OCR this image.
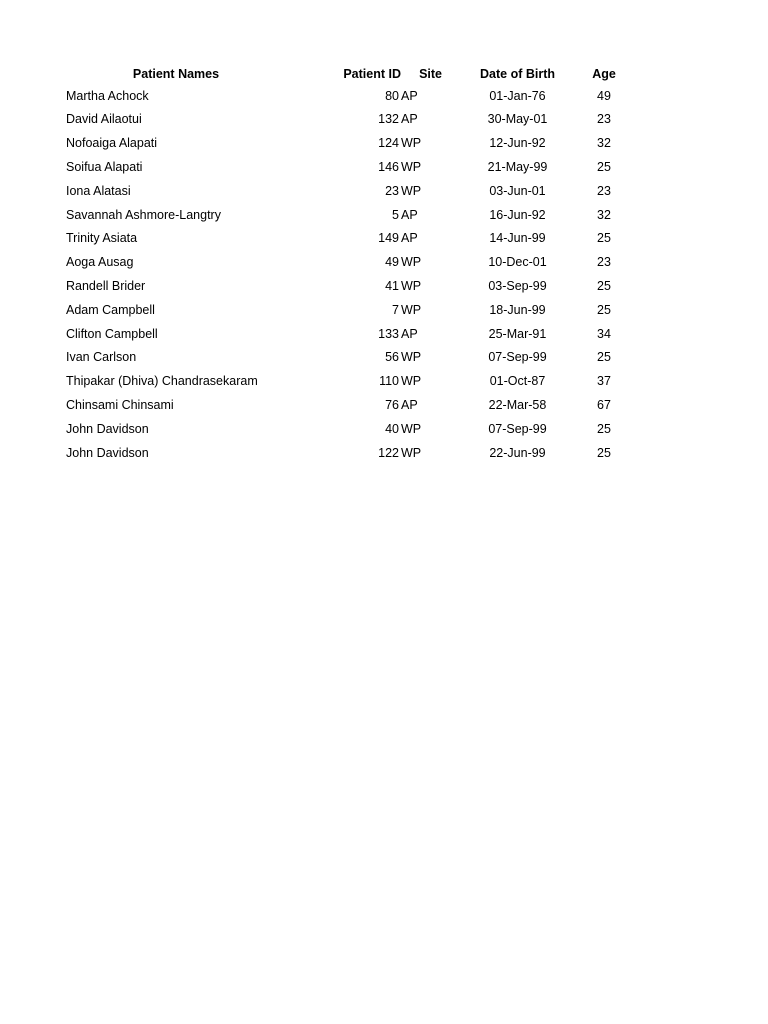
Patient Names	Patient ID	Site	Date of Birth	Age
Martha Achock	80	AP	01-Jan-76	49
David Ailaotui	132	AP	30-May-01	23
Nofoaiga Alapati	124	WP	12-Jun-92	32
Soifua Alapati	146	WP	21-May-99	25
Iona Alatasi	23	WP	03-Jun-01	23
Savannah Ashmore-Langtry	5	AP	16-Jun-92	32
Trinity Asiata	149	AP	14-Jun-99	25
Aoga Ausag	49	WP	10-Dec-01	23
Randell Brider	41	WP	03-Sep-99	25
Adam Campbell	7	WP	18-Jun-99	25
Clifton Campbell	133	AP	25-Mar-91	34
Ivan Carlson	56	WP	07-Sep-99	25
Thipakar (Dhiva) Chandrasekaram	110	WP	01-Oct-87	37
Chinsami Chinsami	76	AP	22-Mar-58	67
John Davidson	40	WP	07-Sep-99	25
John Davidson	122	WP	22-Jun-99	25
